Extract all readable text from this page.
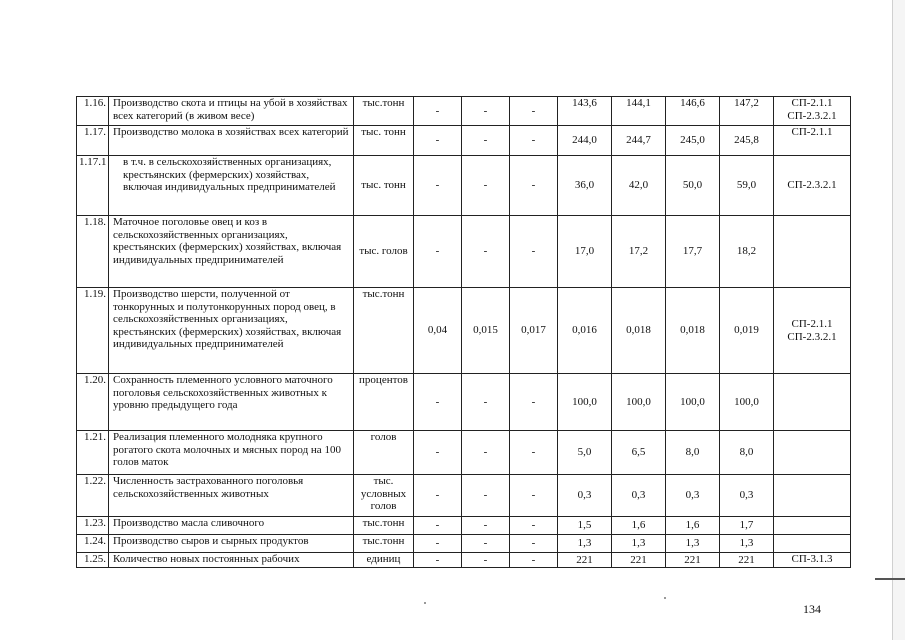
1.16.	Производство скота и птицы на убой в хозяйствах всех категорий (в живом весе)	тыс.тонн	-	-	-	143,6	144,1	146,6	147,2	СП-2.1.1 СП-2.3.2.1
1.17.	Производство молока в хозяйствах всех категорий	тыс. тонн	-	-	-	244,0	244,7	245,0	245,8	СП-2.1.1
1.17.1	в т.ч. в сельскохозяйственных организациях, крестьянских (фермерских) хозяйствах, включая индивидуальных предпринимателей	тыс. тонн	-	-	-	36,0	42,0	50,0	59,0	СП-2.3.2.1
1.18.	Маточное поголовье овец и коз в сельскохозяйственных организациях, крестьянских (фермерских) хозяйствах, включая индивидуальных предпринимателей	тыс. голов	-	-	-	17,0	17,2	17,7	18,2	
1.19.	Производство шерсти, полученной от тонкорунных и полутонкорунных пород овец, в сельскохозяйственных организациях, крестьянских (фермерских) хозяйствах, включая индивидуальных предпринимателей	тыс.тонн	0,04	0,015	0,017	0,016	0,018	0,018	0,019	СП-2.1.1 СП-2.3.2.1
1.20.	Сохранность племенного условного маточного поголовья сельскохозяйственных животных к уровню предыдущего года	процентов	-	-	-	100,0	100,0	100,0	100,0	
1.21.	Реализация племенного молодняка крупного рогатого скота молочных и мясных пород на 100 голов маток	голов	-	-	-	5,0	6,5	8,0	8,0	
1.22.	Численность застрахованного поголовья сельскохозяйственных животных	тыс. условных голов	-	-	-	0,3	0,3	0,3	0,3	
1.23.	Производство масла сливочного	тыс.тонн	-	-	-	1,5	1,6	1,6	1,7	
1.24.	Производство сыров и сырных продуктов	тыс.тонн	-	-	-	1,3	1,3	1,3	1,3	
1.25.	Количество новых постоянных рабочих	единиц	-	-	-	221	221	221	221	СП-3.1.3
134
